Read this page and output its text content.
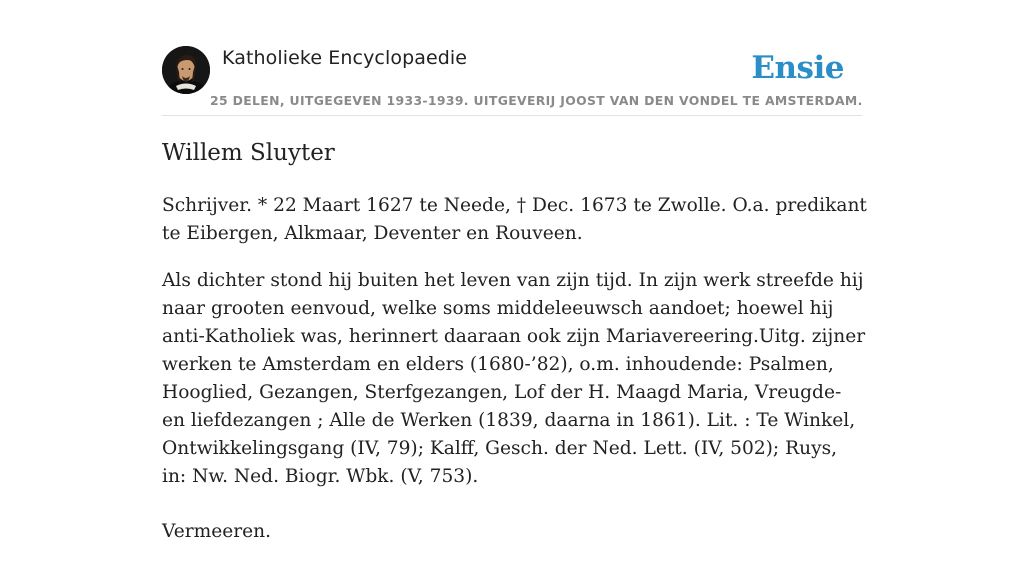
Katholieke Encyclopaedie
25 DELEN, UITGEGEVEN 1933-1939. UITGEVERIJ JOOST VAN DEN VONDEL TE AMSTERDAM.
Ensie
Willem Sluyter

Schrijver. * 22 Maart 1627 te Neede, † Dec. 1673 te Zwolle. O.a. predikant te Eibergen, Alkmaar, Deventer en Rouveen.

Als dichter stond hij buiten het leven van zijn tijd. In zijn werk streefde hij naar grooten eenvoud, welke soms middeleeuwsch aandoet; hoewel hij anti-Katholiek was, herinnert daaraan ook zijn Mariavereering.Uitg. zijner werken te Amsterdam en elders (1680-’82), o.m. inhoudende: Psalmen, Hooglied, Gezangen, Sterfgezangen, Lof der H. Maagd Maria, Vreugde- en liefdezangen ; Alle de Werken (1839, daarna in 1861). Lit. : Te Winkel, Ontwikkelingsgang (IV, 79); Kalff, Gesch. der Ned. Lett. (IV, 502); Ruys, in: Nw. Ned. Biogr. Wbk. (V, 753).

Vermeeren.
